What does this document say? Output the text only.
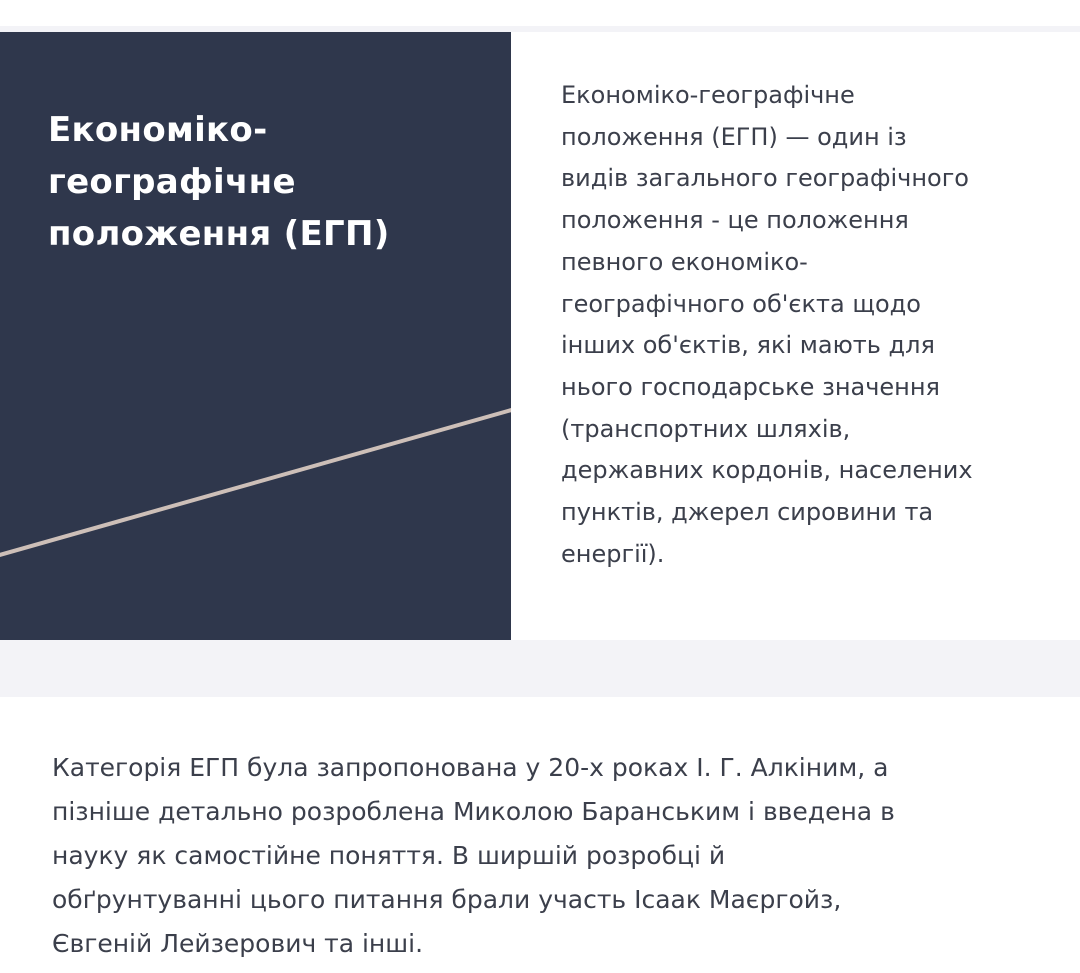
Економіко- географічне положення (ЕГП)

Економіко-географічне
положення (ЕГП) — один із
видів загального географічного
положення - це положення
певного економіко-
географічного об'єкта щодо
інших об'єктів, які мають для
нього господарське значення
(транспортних шляхів,
державних кордонів, населених
пунктів, джерел сировини та
енергії).

Категорія ЕГП була запропонована у 20-х роках І. Г. Алкіним, а
пізніше детально розроблена Миколою Баранським і введена в
науку як самостійне поняття. В ширшій розробці й
обґрунтуванні цього питання брали участь Ісаак Маєргойз,
Євгеній Лейзерович та інші.
